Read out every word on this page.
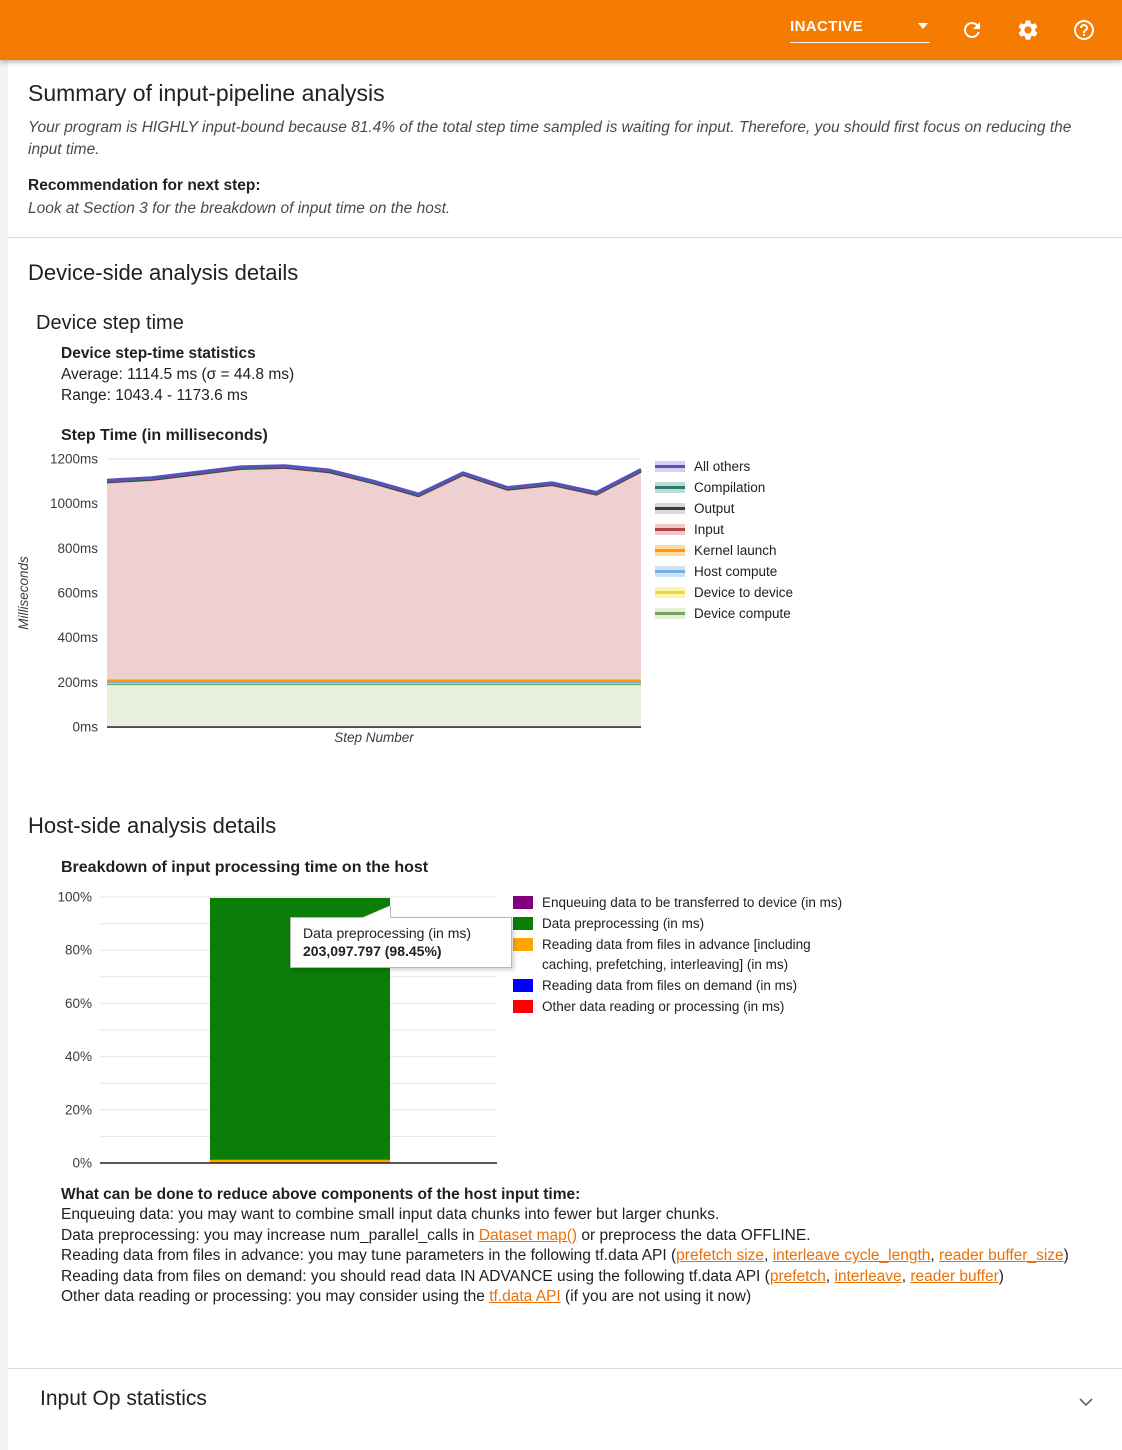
INACTIVE
Summary of input-pipeline analysis

Your program is HIGHLY input-bound because 81.4% of the total step time sampled is waiting for input. Therefore, you should first focus on reducing the input time.

Recommendation for next step:

Look at Section 3 for the breakdown of input time on the host.

Device-side analysis details
Device step time
Device step-time statistics
Average: 1114.5 ms (σ = 44.8 ms)
Range: 1043.4 - 1173.6 ms
Step Time (in milliseconds)
0ms
200ms
400ms
600ms
800ms
1000ms
1200ms
Milliseconds
Step Number
All others
Compilation
Output
Input
Kernel launch
Host compute
Device to device
Device compute
Host-side analysis details
Breakdown of input processing time on the host
0%
20%
40%
60%
80%
100%	Enqueuing data to be transferred to device (in ms)
Data preprocessing (in ms)
Reading data from files in advance [including
caching, prefetching, interleaving] (in ms)
Reading data from files on demand (in ms)
Other data reading or processing (in ms)
Data preprocessing (in ms)
203,097.797 (98.45%)
What can be done to reduce above components of the host input time:
Enqueuing data: you may want to combine small input data chunks into fewer but larger chunks.
Data preprocessing: you may increase num_parallel_calls in Dataset map() or preprocess the data OFFLINE.
Reading data from files in advance: you may tune parameters in the following tf.data API (prefetch size, interleave cycle_length, reader buffer_size)
Reading data from files on demand: you should read data IN ADVANCE using the following tf.data API (prefetch, interleave, reader buffer)
Other data reading or processing: you may consider using the tf.data API (if you are not using it now)
Input Op statistics
